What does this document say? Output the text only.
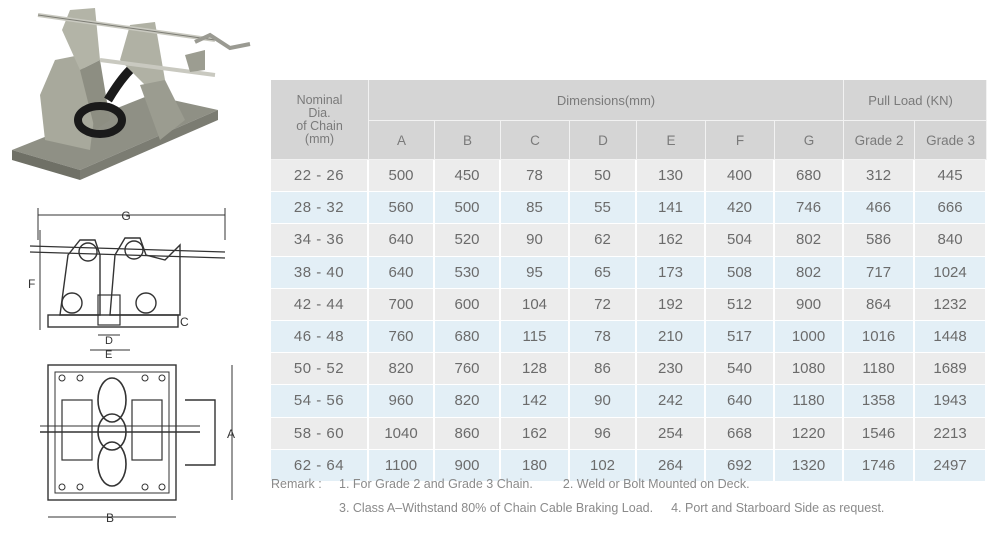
G
F
C
D
E
A
B
Nominal
Dia.
of Chain
(mm)	Dimensions(mm)							Pull Load (KN)	
	A	B	C	D	E	F	G	Grade 2	Grade 3
22 - 26	500	450	78	50	130	400	680	312	445
28 - 32	560	500	85	55	141	420	746	466	666
34 - 36	640	520	90	62	162	504	802	586	840
38 - 40	640	530	95	65	173	508	802	717	1024
42 - 44	700	600	104	72	192	512	900	864	1232
46 - 48	760	680	115	78	210	517	1000	1016	1448
50 - 52	820	760	128	86	230	540	1080	1180	1689
54 - 56	960	820	142	90	242	640	1180	1358	1943
58 - 60	1040	860	162	96	254	668	1220	1546	2213
62 - 64	1100	900	180	102	264	692	1320	1746	2497
Remark : 1. For Grade 2 and Grade 3 Chain. 2. Weld or Bolt Mounted on Deck.
3. Class A–Withstand 80% of Chain Cable Braking Load. 4. Port and Starboard Side as request.
